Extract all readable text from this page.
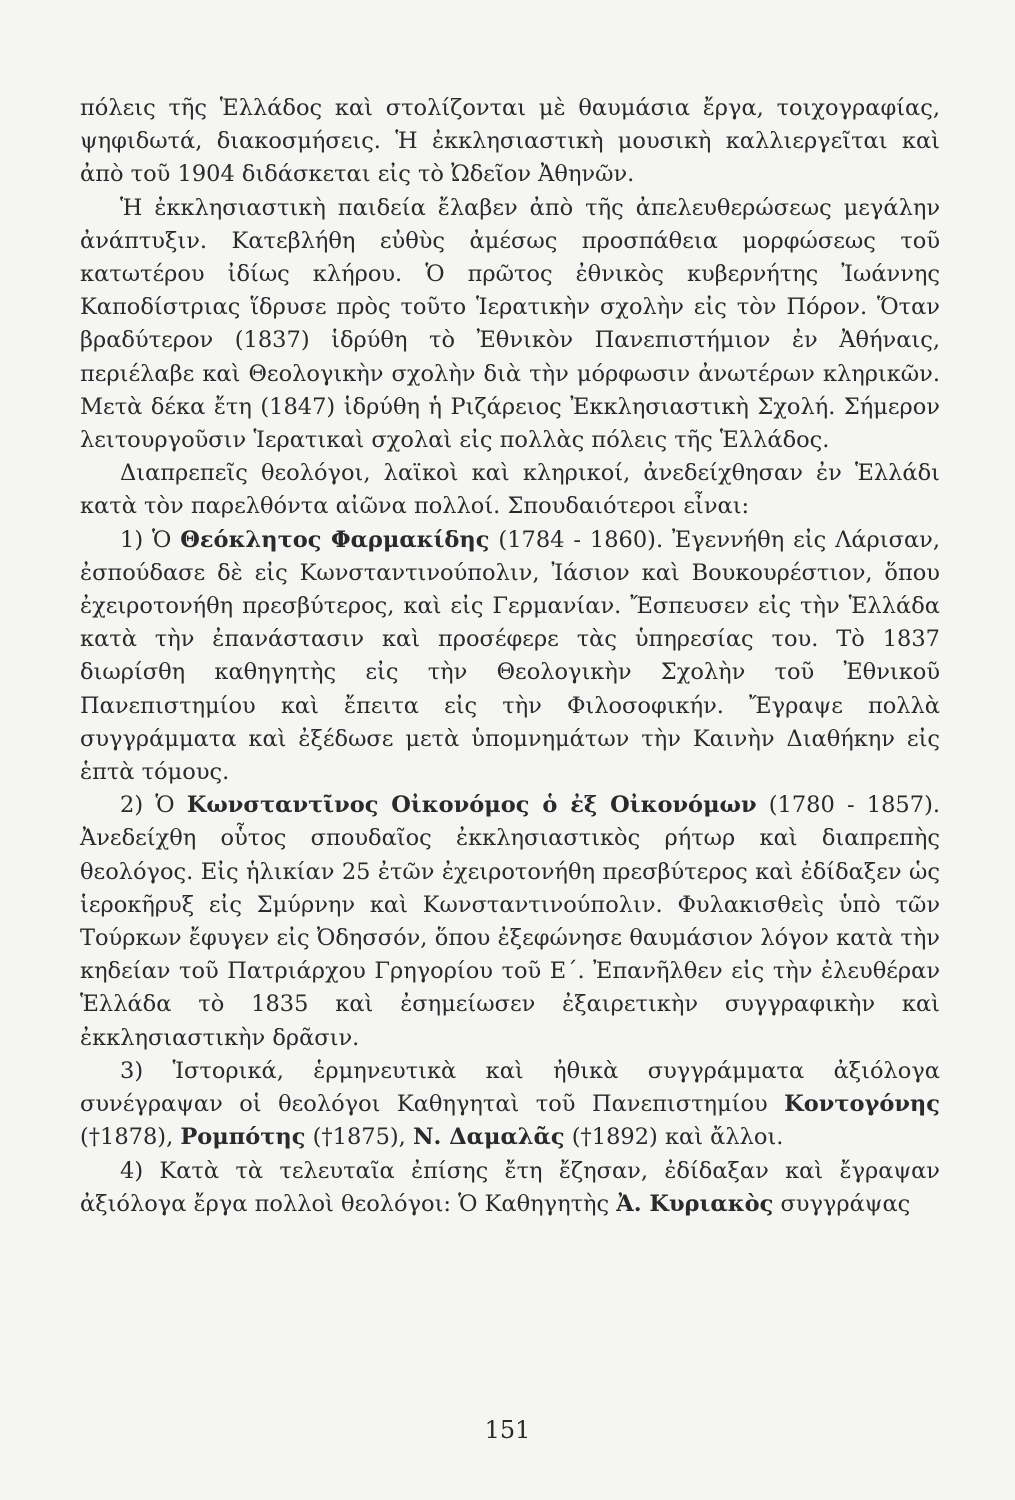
πόλεις τῆς Ἑλλάδος καὶ στολίζονται μὲ θαυμάσια ἔργα, τοιχογραφίας, ψηφιδωτά, διακοσμήσεις. Ἡ ἐκκλησιαστικὴ μουσικὴ καλλιεργεῖται καὶ ἀπὸ τοῦ 1904 διδάσκεται εἰς τὸ Ὠδεῖον Ἀθηνῶν.

Ἡ ἐκκλησιαστικὴ παιδεία ἔλαβεν ἀπὸ τῆς ἀπελευθερώσεως μεγάλην ἀνάπτυξιν. Κατεβλήθη εὐθὺς ἀμέσως προσπάθεια μορφώσεως τοῦ κατωτέρου ἰδίως κλήρου. Ὁ πρῶτος ἐθνικὸς κυβερνήτης Ἰωάννης Καποδίστριας ἵδρυσε πρὸς τοῦτο Ἱερατικὴν σχολὴν εἰς τὸν Πόρον. Ὅταν βραδύτερον (1837) ἱδρύθη τὸ Ἐθνικὸν Πανεπιστήμιον ἐν Ἀθήναις, περιέλαβε καὶ Θεολογικὴν σχολὴν διὰ τὴν μόρφωσιν ἀνωτέρων κληρικῶν. Μετὰ δέκα ἔτη (1847) ἱδρύθη ἡ Ριζάρειος Ἐκκλησιαστικὴ Σχολή. Σήμερον λειτουργοῦσιν Ἱερατικαὶ σχολαὶ εἰς πολλὰς πόλεις τῆς Ἑλλάδος.

Διαπρεπεῖς θεολόγοι, λαϊκοὶ καὶ κληρικοί, ἀνεδείχθησαν ἐν Ἑλλάδι κατὰ τὸν παρελθόντα αἰῶνα πολλοί. Σπουδαιότεροι εἶναι:

1) Ὁ Θεόκλητος Φαρμακίδης (1784 - 1860). Ἐγεννήθη εἰς Λάρισαν, ἐσπούδασε δὲ εἰς Κωνσταντινούπολιν, Ἰάσιον καὶ Βουκουρέστιον, ὅπου ἐχειροτονήθη πρεσβύτερος, καὶ εἰς Γερμανίαν. Ἔσπευσεν εἰς τὴν Ἑλλάδα κατὰ τὴν ἐπανάστασιν καὶ προσέφερε τὰς ὑπηρεσίας του. Τὸ 1837 διωρίσθη καθηγητὴς εἰς τὴν Θεολογικὴν Σχολὴν τοῦ Ἐθνικοῦ Πανεπιστημίου καὶ ἔπειτα εἰς τὴν Φιλοσοφικήν. Ἔγραψε πολλὰ συγγράμματα καὶ ἐξέδωσε μετὰ ὑπομνημάτων τὴν Καινὴν Διαθήκην εἰς ἑπτὰ τόμους.

2) Ὁ Κωνσταντῖνος Οἰκονόμος ὁ ἐξ Οἰκονόμων (1780 - 1857). Ἀνεδείχθη οὗτος σπουδαῖος ἐκκλησιαστικὸς ρήτωρ καὶ διαπρεπὴς θεολόγος. Εἰς ἡλικίαν 25 ἐτῶν ἐχειροτονήθη πρεσβύτερος καὶ ἐδίδαξεν ὡς ἱεροκῆρυξ εἰς Σμύρνην καὶ Κωνσταντινούπολιν. Φυλακισθεὶς ὑπὸ τῶν Τούρκων ἔφυγεν εἰς Ὀδησσόν, ὅπου ἐξεφώνησε θαυμάσιον λόγον κατὰ τὴν κηδείαν τοῦ Πατριάρχου Γρηγορίου τοῦ Ε΄. Ἐπανῆλθεν εἰς τὴν ἐλευθέραν Ἑλλάδα τὸ 1835 καὶ ἐσημείωσεν ἐξαιρετικὴν συγγραφικὴν καὶ ἐκκλησιαστικὴν δρᾶσιν.

3) Ἱστορικά, ἑρμηνευτικὰ καὶ ἠθικὰ συγγράμματα ἀξιόλογα συνέγραψαν οἱ θεολόγοι Καθηγηταὶ τοῦ Πανεπιστημίου Κοντογόνης (†1878), Ρομπότης (†1875), Ν. Δαμαλᾶς (†1892) καὶ ἄλλοι.

4) Κατὰ τὰ τελευταῖα ἐπίσης ἔτη ἔζησαν, ἐδίδαξαν καὶ ἔγραψαν ἀξιόλογα ἔργα πολλοὶ θεολόγοι: Ὁ Καθηγητὴς Ἀ. Κυριακὸς συγγράψας

151
